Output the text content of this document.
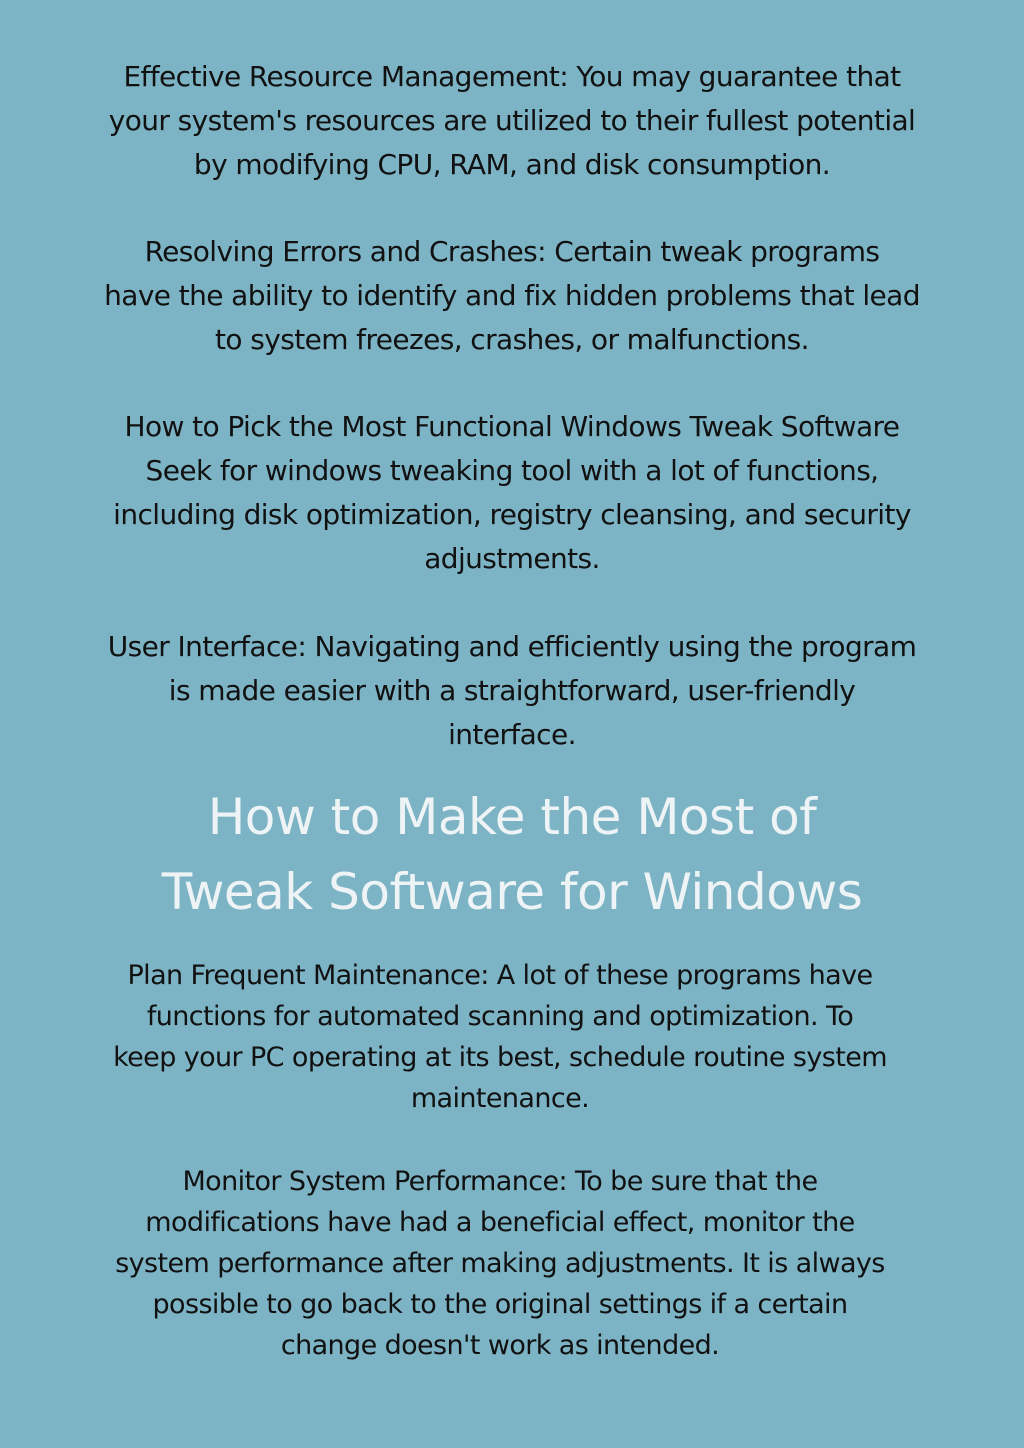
Effective Resource Management: You may guarantee that
your system's resources are utilized to their fullest potential
by modifying CPU, RAM, and disk consumption.

Resolving Errors and Crashes: Certain tweak programs
have the ability to identify and fix hidden problems that lead
to system freezes, crashes, or malfunctions.

How to Pick the Most Functional Windows Tweak Software
Seek for windows tweaking tool with a lot of functions,
including disk optimization, registry cleansing, and security
adjustments.

User Interface: Navigating and efficiently using the program
is made easier with a straightforward, user-friendly
interface.

How to Make the Most of
Tweak Software for Windows

Plan Frequent Maintenance: A lot of these programs have
functions for automated scanning and optimization. To
keep your PC operating at its best, schedule routine system
maintenance.

Monitor System Performance: To be sure that the
modifications have had a beneficial effect, monitor the
system performance after making adjustments. It is always
possible to go back to the original settings if a certain
change doesn't work as intended.
